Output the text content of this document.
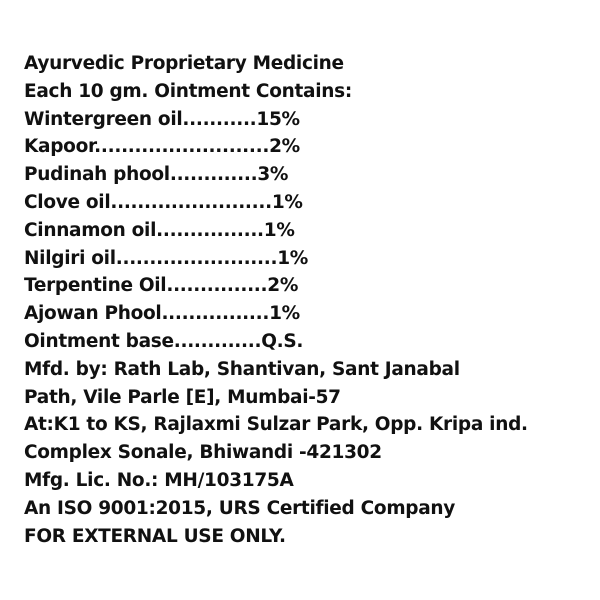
Ayurvedic Proprietary Medicine
Each 10 gm. Ointment Contains:
Wintergreen oil...........15%
Kapoor..........................2%
Pudinah phool.............3%
Clove oil........................1%
Cinnamon oil................1%
Nilgiri oil........................1%
Terpentine Oil...............2%
Ajowan Phool................1%
Ointment base.............Q.S.
Mfd. by: Rath Lab, Shantivan, Sant Janabal
Path, Vile Parle [E], Mumbai-57
At:K1 to KS, Rajlaxmi Sulzar Park, Opp. Kripa ind.
Complex Sonale, Bhiwandi -421302
Mfg. Lic. No.: MH/103175A
An ISO 9001:2015, URS Certified Company
FOR EXTERNAL USE ONLY.
